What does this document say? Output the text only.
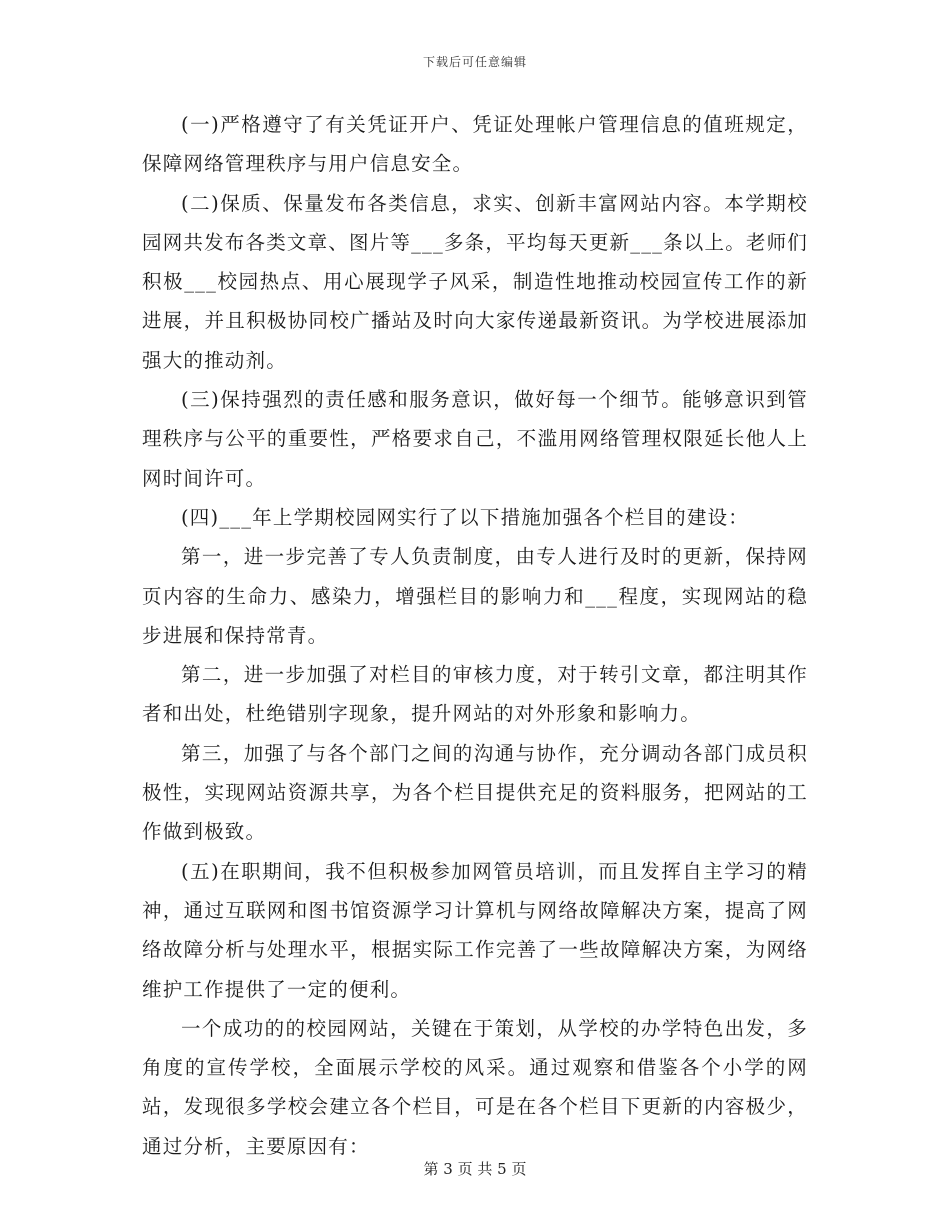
下载后可任意编辑

(一)严格遵守了有关凭证开户、凭证处理帐户管理信息的值班规定，保障网络管理秩序与用户信息安全。

(二)保质、保量发布各类信息，求实、创新丰富网站内容。本学期校园网共发布各类文章、图片等___多条，平均每天更新___条以上。老师们积极___校园热点、用心展现学子风采，制造性地推动校园宣传工作的新进展，并且积极协同校广播站及时向大家传递最新资讯。为学校进展添加强大的推动剂。

(三)保持强烈的责任感和服务意识，做好每一个细节。能够意识到管理秩序与公平的重要性，严格要求自己，不滥用网络管理权限延长他人上网时间许可。

(四)___年上学期校园网实行了以下措施加强各个栏目的建设：

第一，进一步完善了专人负责制度，由专人进行及时的更新，保持网页内容的生命力、感染力，增强栏目的影响力和___程度，实现网站的稳步进展和保持常青。

第二，进一步加强了对栏目的审核力度，对于转引文章，都注明其作者和出处，杜绝错别字现象，提升网站的对外形象和影响力。

第三，加强了与各个部门之间的沟通与协作，充分调动各部门成员积极性，实现网站资源共享，为各个栏目提供充足的资料服务，把网站的工作做到极致。

(五)在职期间，我不但积极参加网管员培训，而且发挥自主学习的精神，通过互联网和图书馆资源学习计算机与网络故障解决方案，提高了网络故障分析与处理水平，根据实际工作完善了一些故障解决方案，为网络维护工作提供了一定的便利。

一个成功的的校园网站，关键在于策划，从学校的办学特色出发，多角度的宣传学校，全面展示学校的风采。通过观察和借鉴各个小学的网站，发现很多学校会建立各个栏目，可是在各个栏目下更新的内容极少，通过分析，主要原因有：

第 3 页 共 5 页
